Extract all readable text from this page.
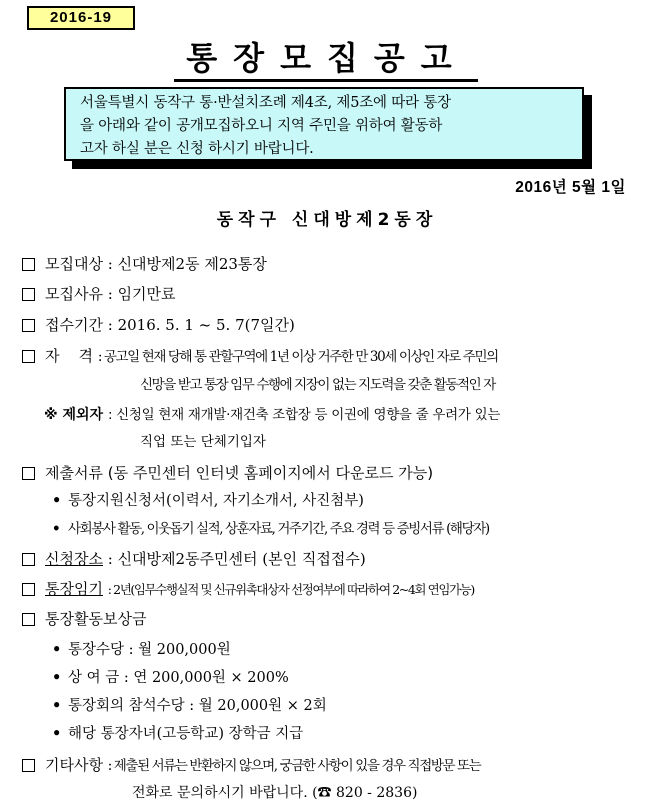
2016-19
통장모집공고
서울특별시 동작구 통·반설치조례 제4조, 제5조에 따라 통장
을 아래와 같이 공개모집하오니 지역 주민을 위하여 활동하
고자 하실 분은 신청 하시기 바랍니다.
2016년 5월 1일
동작구 신대방제2동장
모집대상 : 신대방제2동 제23통장
모집사유 : 임기만료
접수기간 : 2016. 5. 1 ~ 5. 7(7일간)
자    격 : 공고일 현재 당해 통 관할구역에 1년 이상 거주한 만 30세 이상인 자로 주민의
신망을 받고 통장 임무 수행에 지장이 없는 지도력을 갖춘 활동적인 자
※ 제외자 : 신청일 현재 재개발·재건축 조합장 등 이권에 영향을 줄 우려가 있는
직업 또는 단체기입자
제출서류 (동 주민센터 인터넷 홈페이지에서 다운로드 가능)
• 통장지원신청서(이력서, 자기소개서, 사진첨부)
• 사회봉사 활동, 이웃돕기 실적, 상훈자료, 거주기간, 주요 경력 등 증빙서류 (해당자)
신청장소 : 신대방제2동주민센터 (본인 직접접수)
통장임기 : 2년(임무수행실적 및 신규위촉대상자 선정여부에 따라하여 2~4회 연임가능)
통장활동보상금
• 통장수당 : 월 200,000원
• 상 여 금 : 연 200,000원 × 200%
• 통장회의 참석수당 : 월 20,000원 × 2회
• 해당 통장자녀(고등학교) 장학금 지급
기타사항 : 제출된 서류는 반환하지 않으며, 궁금한 사항이 있을 경우 직접방문 또는
전화로 문의하시기 바랍니다. (☎ 820 - 2836)
